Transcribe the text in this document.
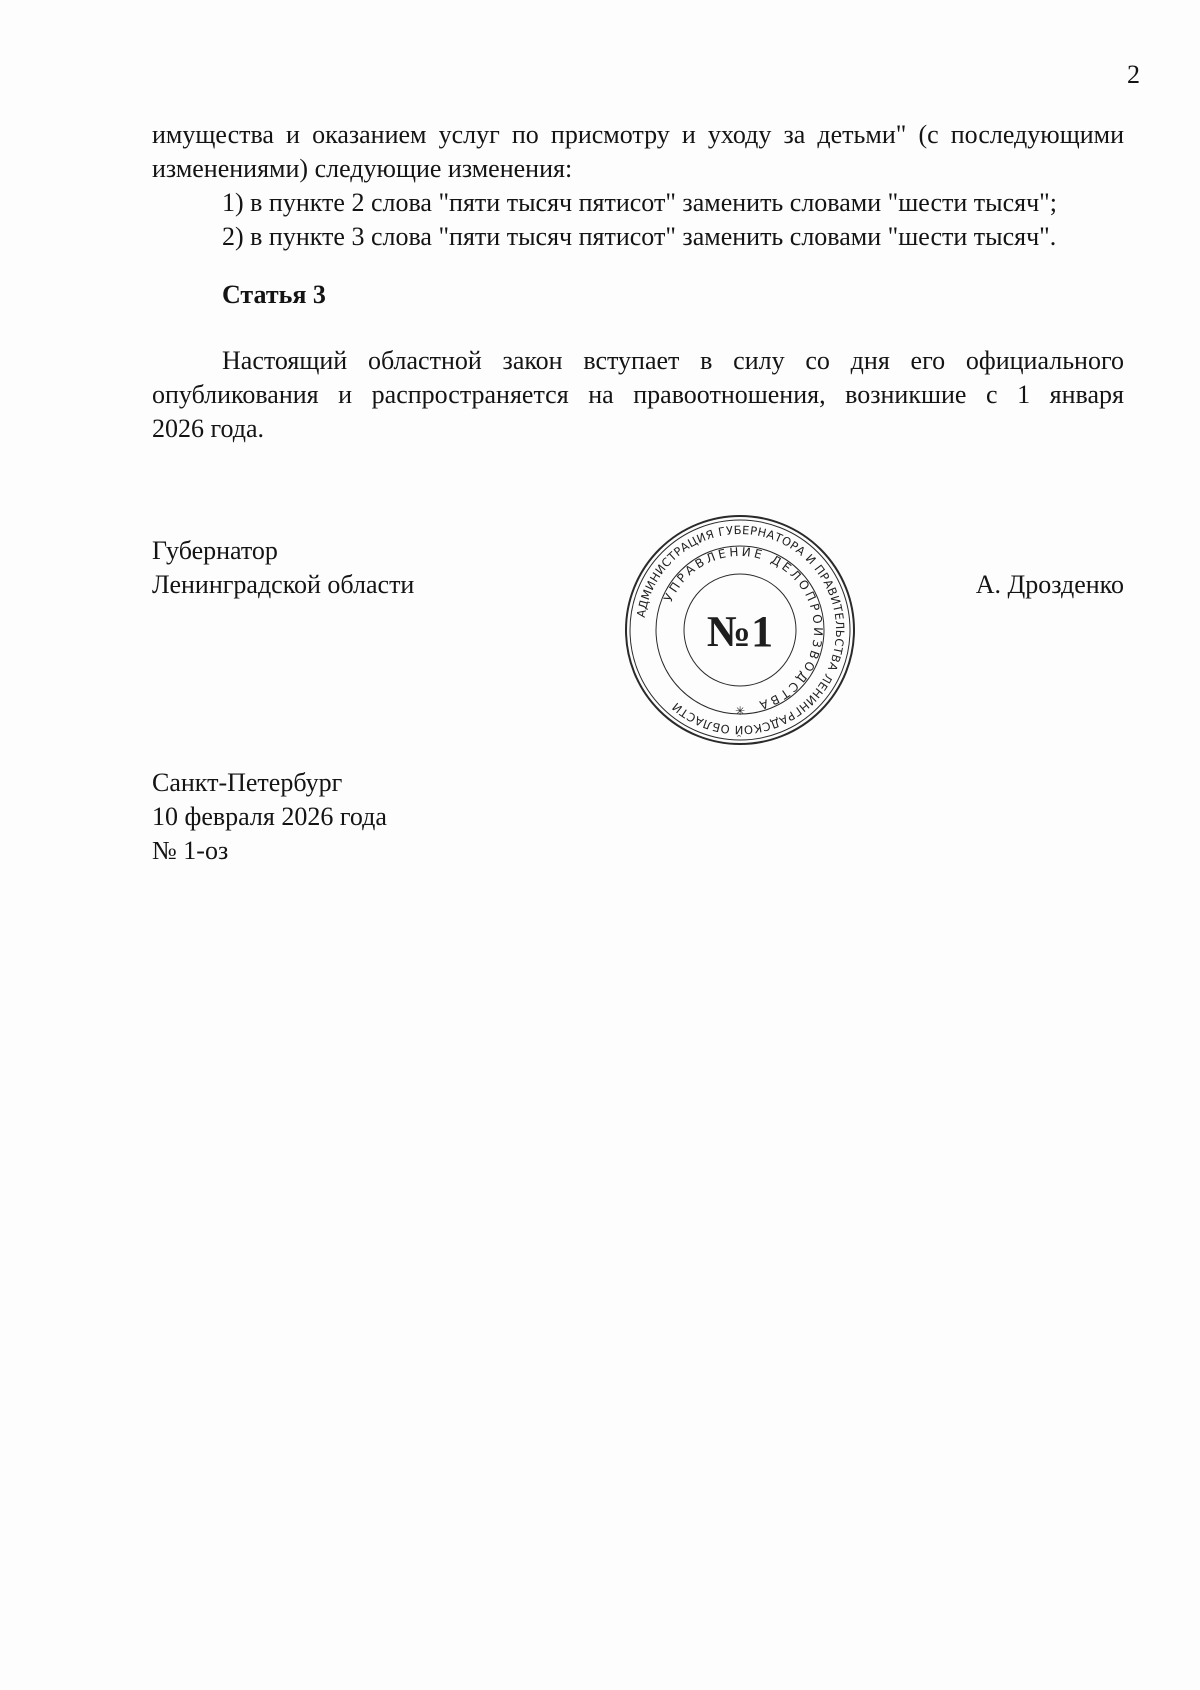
2
имущества и оказанием услуг по присмотру и уходу за детьми" (с последующими
изменениями) следующие изменения:
1) в пункте 2 слова "пяти тысяч пятисот" заменить словами "шести тысяч";
2) в пункте 3 слова "пяти тысяч пятисот" заменить словами "шести тысяч".
Статья 3
Настоящий областной закон вступает в силу со дня его официального
опубликования и распространяется на правоотношения, возникшие с 1 января
2026 года.
Губернатор
Ленинградской области	А. Дрозденко
АДМИНИСТРАЦИЯ ГУБЕРНАТОРА И ПРАВИТЕЛЬСТВА ЛЕНИНГРАДСКОЙ ОБЛАСТИ
УПРАВЛЕНИЕ ДЕЛОПРОИЗВОДСТВА
№1
✳
Санкт-Петербург
10 февраля 2026 года
№ 1-оз
